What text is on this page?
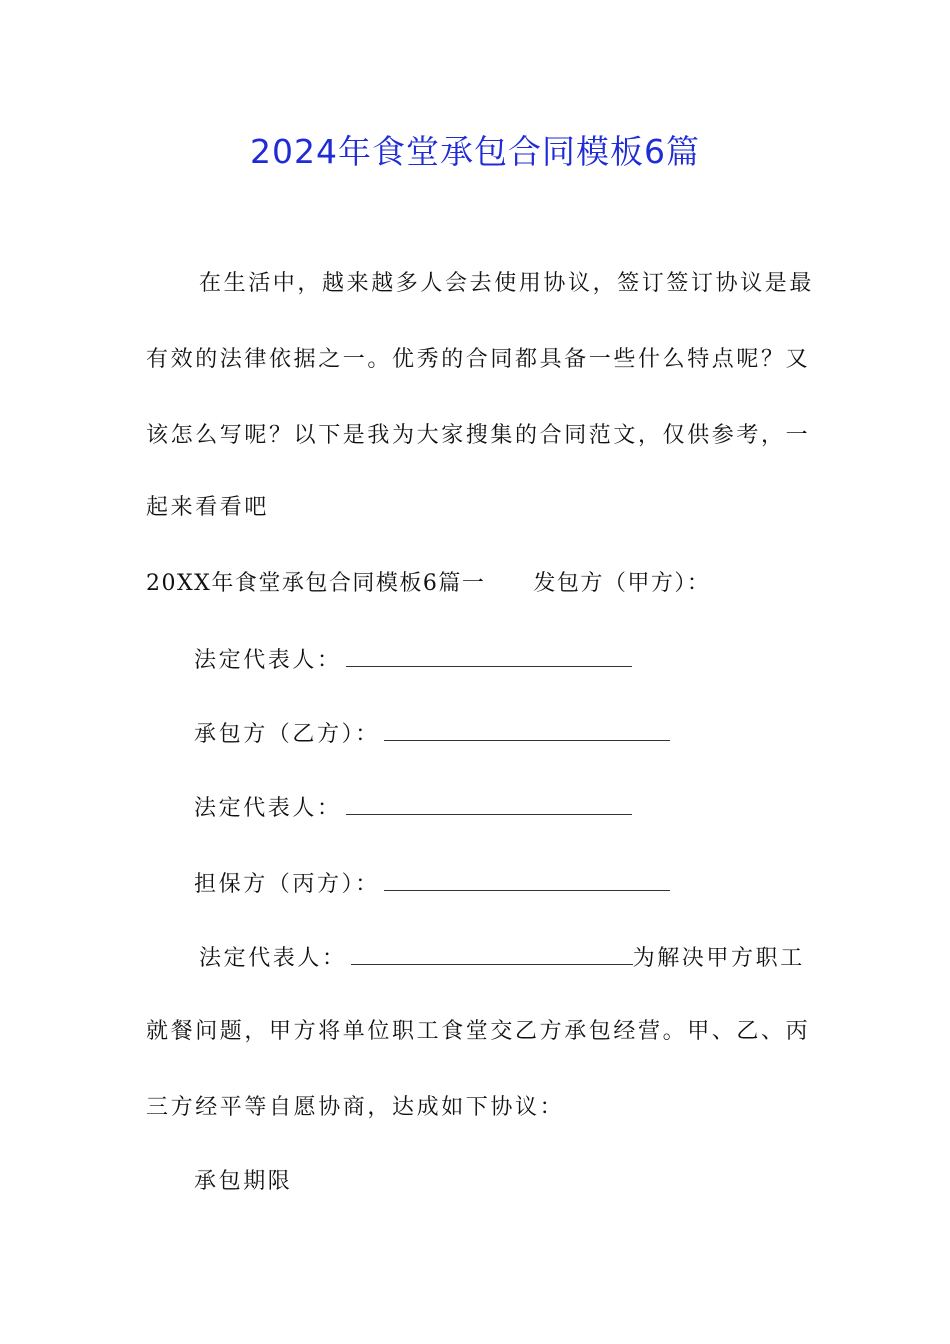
2024年食堂承包合同模板6篇
在生活中，越来越多人会去使用协议，签订签订协议是最
有效的法律依据之一。优秀的合同都具备一些什么特点呢？又
该怎么写呢？以下是我为大家搜集的合同范文，仅供参考，一
起来看看吧
20XX年食堂承包合同模板6篇一 发包方（甲方）：
法定代表人：
承包方（乙方）：
法定代表人：
担保方（丙方）：
法定代表人：	为解决甲方职工
就餐问题，甲方将单位职工食堂交乙方承包经营。甲、乙、丙
三方经平等自愿协商，达成如下协议：
承包期限
